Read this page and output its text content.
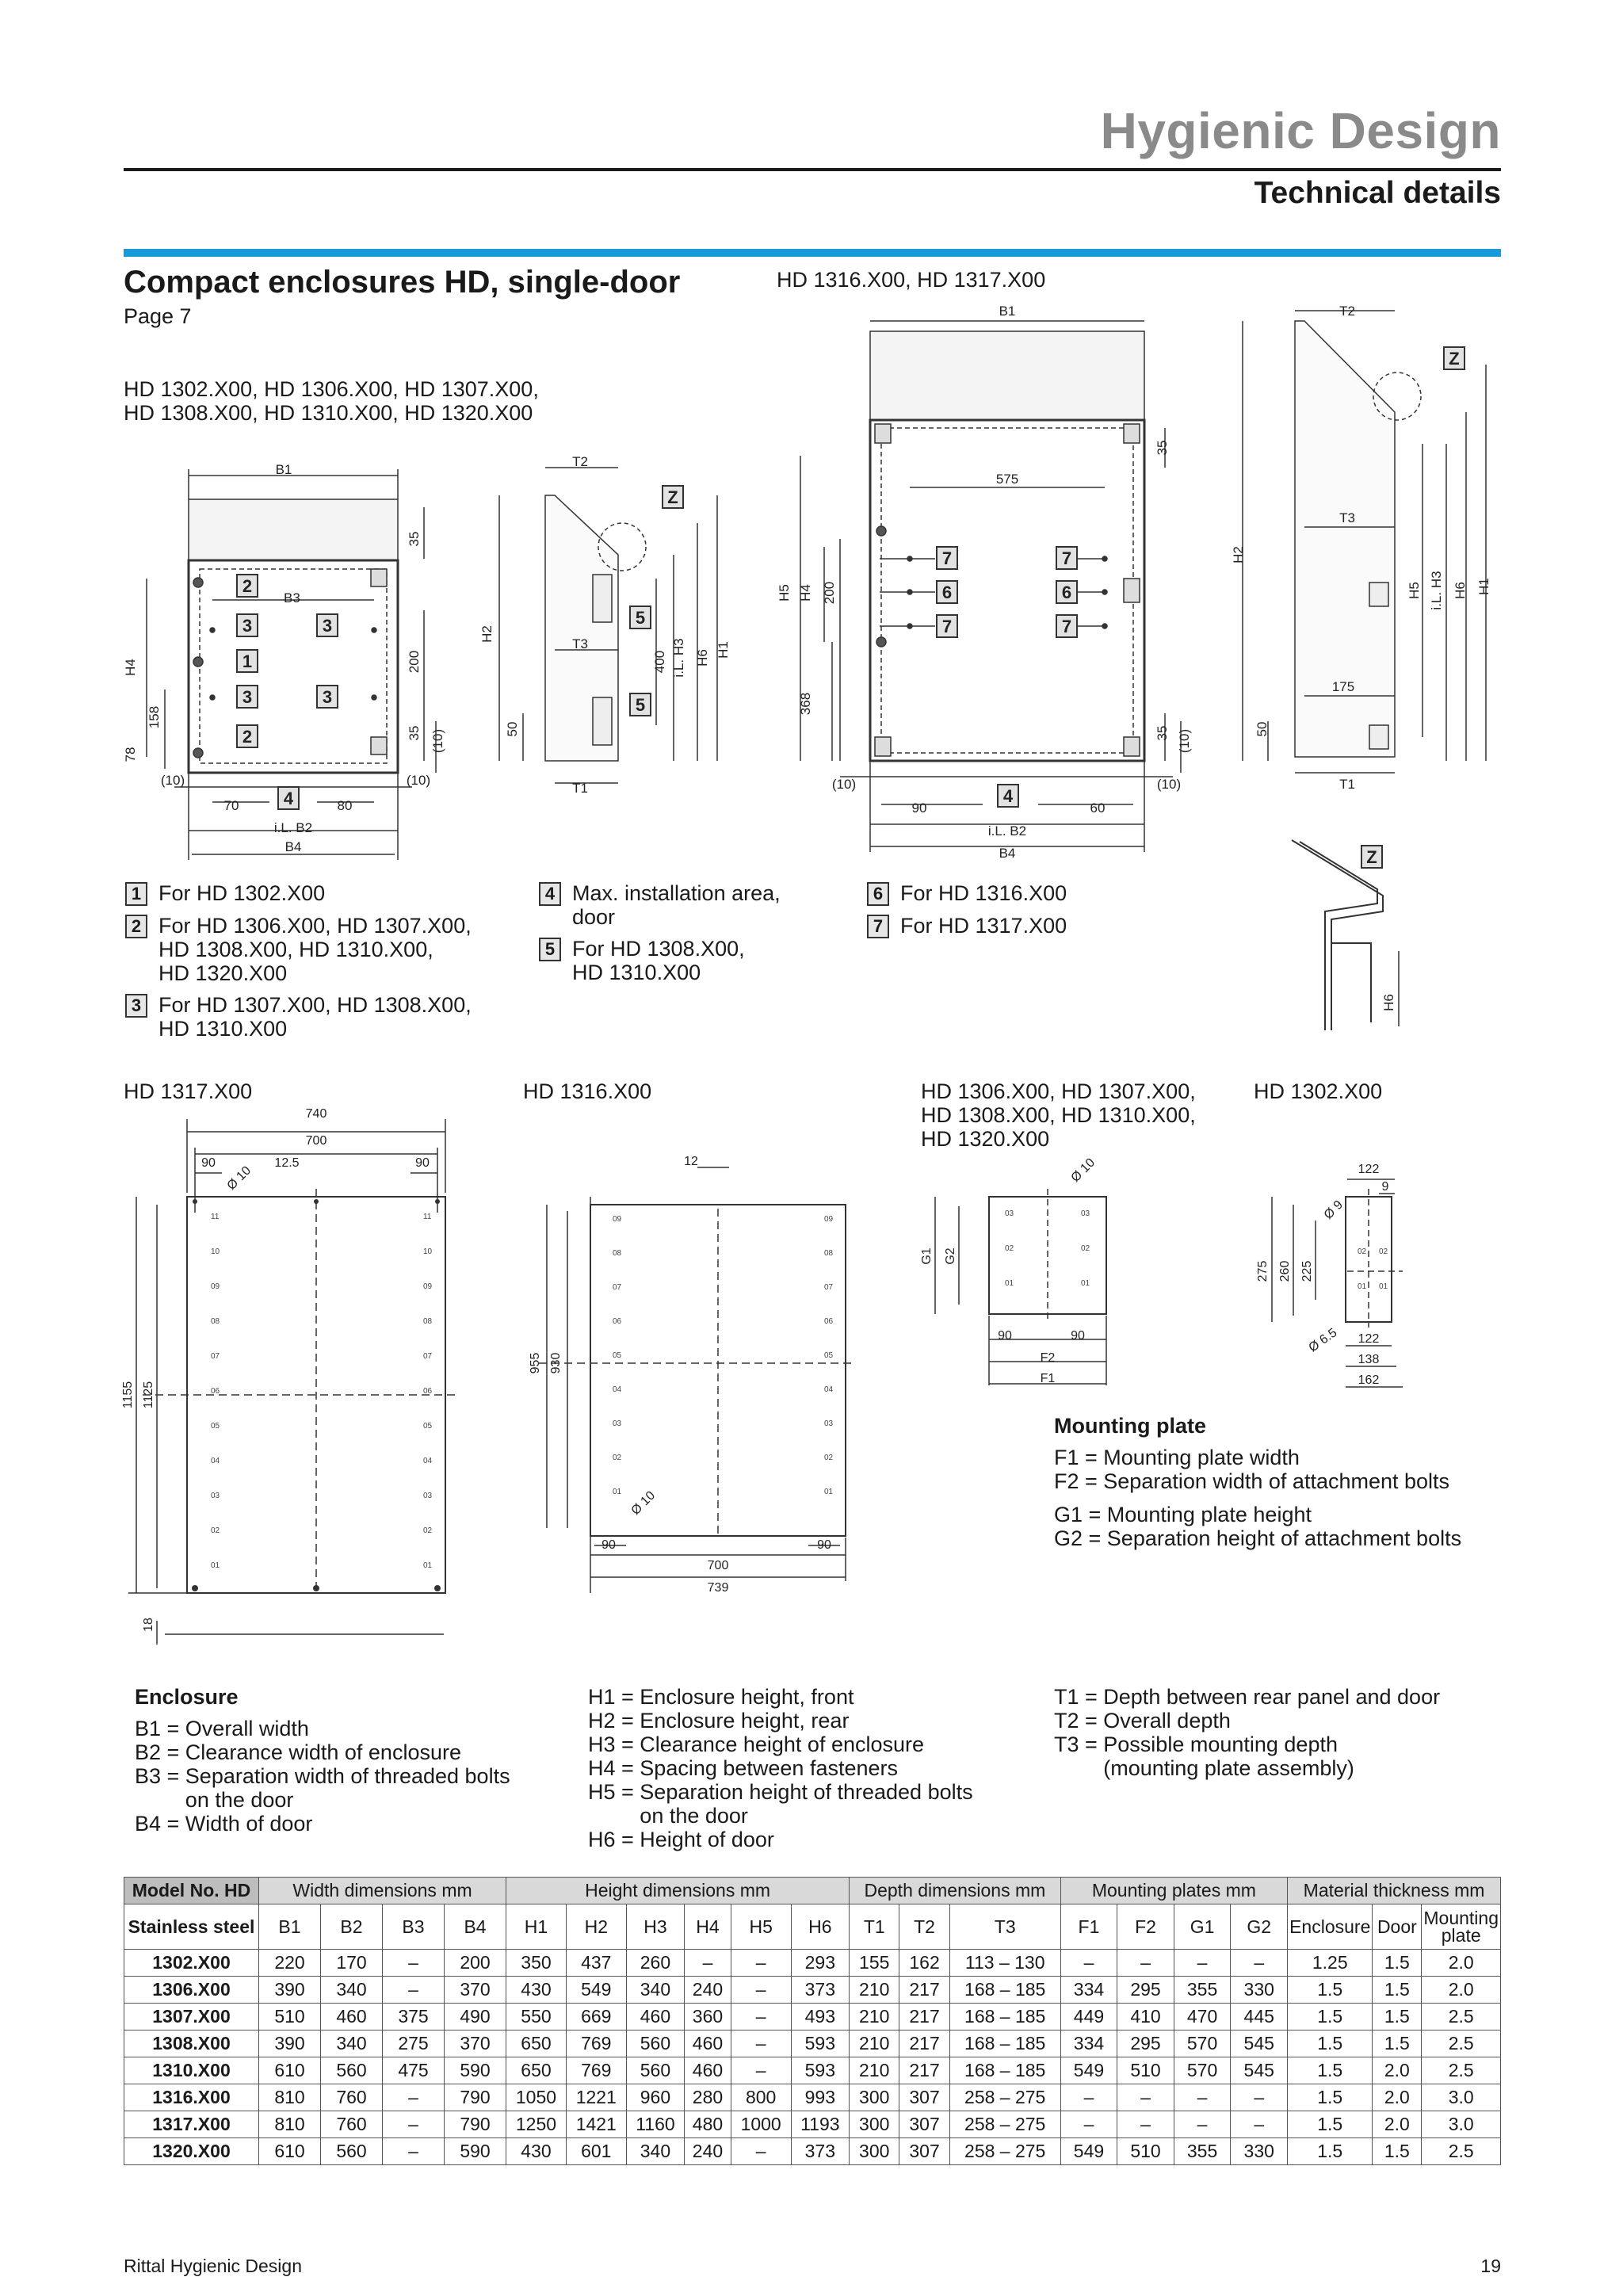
Hygienic Design
Technical details
Compact enclosures HD, single-door
Page 7
HD 1302.X00, HD 1306.X00, HD 1307.X00,
HD 1308.X00, HD 1310.X00, HD 1320.X00
HD 1316.X00, HD 1317.X00
B1
B3
B4
i.L. B2
(10)	(10)
70	80
H4
158
78
35
200
35 (10)
T2
T3
T1
H2
50
400 i.L. H3 H6 H1
B1
575
(10)	(10)
90	60
i.L. B2
B4
H5 H4 200
368
35
35 (10)
T2
T3
175
T1
H2
50
H5 i.L. H3 H6 H1
H6
2
3	3
1
3	3
2
4
5
5
Z
7
6
7
7
6
7
4
Z
Z
1 For HD 1302.X00
2 For HD 1306.X00, HD 1307.X00,
HD 1308.X00, HD 1310.X00,
HD 1320.X00
3 For HD 1307.X00, HD 1308.X00,
HD 1310.X00
4 Max. installation area,
door
5 For HD 1308.X00,
HD 1310.X00
6 For HD 1316.X00
7 For HD 1317.X00
HD 1317.X00	HD 1316.X00	HD 1306.X00, HD 1307.X00,
HD 1308.X00, HD 1310.X00,
HD 1320.X00
HD 1302.X00
740
700
90	12.5	90
Ø 10
1155 1125
18
01	01
02	02
03	03
04	04
05	05
06	06
07	07
08	08
09	09
10	10
11	11
12
955 930
Ø 10
90	90
700
739
01	01
02	02
03	03
04	04
05	05
06	06
07	07
08	08
09	09
Ø 10
G1 G2
90	90
F2
F1
01	01
02	02
03	03
122
9
Ø 9
275 260 225
Ø 6.5 122
138
162
01 01
02 02
Mounting plate
F1 = Mounting plate width
F2 = Separation width of attachment bolts
G1 = Mounting plate height
G2 = Separation height of attachment bolts
Enclosure
B1 = Overall width
B2 = Clearance width of enclosure
B3 = Separation width of threaded bolts
on the door
B4 = Width of door
H1 = Enclosure height, front
H2 = Enclosure height, rear
H3 = Clearance height of enclosure
H4 = Spacing between fasteners
H5 = Separation height of threaded bolts
on the door
H6 = Height of door
T1 = Depth between rear panel and door
T2 = Overall depth
T3 = Possible mounting depth
(mounting plate assembly)
Model No. HD	Width dimensions mm				Height dimensions mm						Depth dimensions mm			Mounting plates mm				Material thickness mm		
Stainless steel	B1	B2	B3	B4	H1	H2	H3	H4	H5	H6	T1	T2	T3	F1	F2	G1	G2	Enclosure	Door	Mounting plate
1302.X00	220	170	–	200	350	437	260	–	–	293	155	162	113 – 130	–	–	–	–	1.25	1.5	2.0
1306.X00	390	340	–	370	430	549	340	240	–	373	210	217	168 – 185	334	295	355	330	1.5	1.5	2.0
1307.X00	510	460	375	490	550	669	460	360	–	493	210	217	168 – 185	449	410	470	445	1.5	1.5	2.5
1308.X00	390	340	275	370	650	769	560	460	–	593	210	217	168 – 185	334	295	570	545	1.5	1.5	2.5
1310.X00	610	560	475	590	650	769	560	460	–	593	210	217	168 – 185	549	510	570	545	1.5	2.0	2.5
1316.X00	810	760	–	790	1050	1221	960	280	800	993	300	307	258 – 275	–	–	–	–	1.5	2.0	3.0
1317.X00	810	760	–	790	1250	1421	1160	480	1000	1193	300	307	258 – 275	–	–	–	–	1.5	2.0	3.0
1320.X00	610	560	–	590	430	601	340	240	–	373	300	307	258 – 275	549	510	355	330	1.5	1.5	2.5
Rittal Hygienic Design	19
